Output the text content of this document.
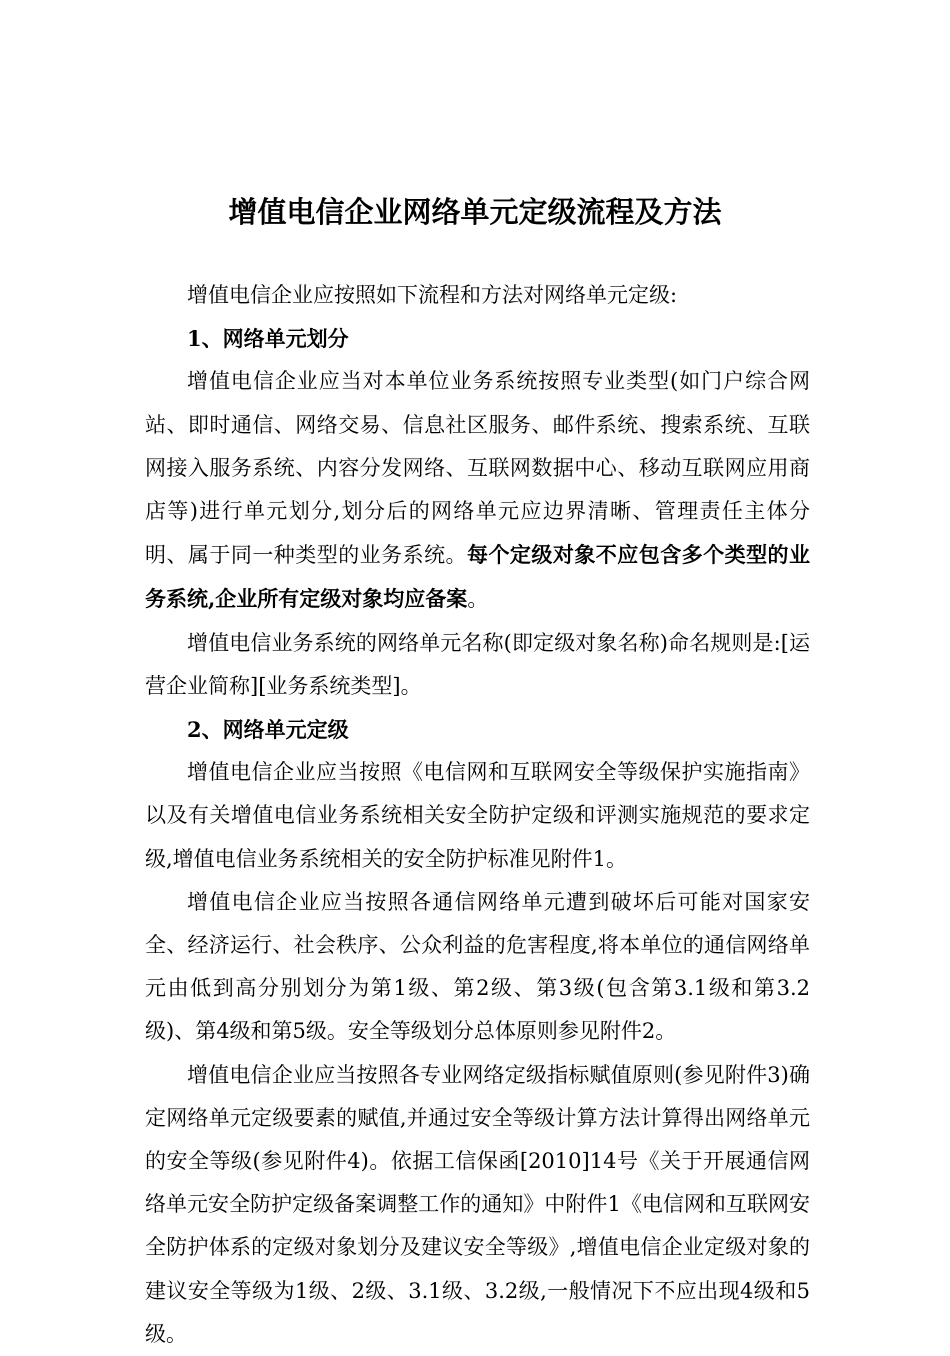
增值电信企业网络单元定级流程及方法

增值电信企业应按照如下流程和方法对网络单元定级:

1、网络单元划分

增值电信企业应当对本单位业务系统按照专业类型(如门户综合网站、即时通信、网络交易、信息社区服务、邮件系统、搜索系统、互联网接入服务系统、内容分发网络、互联网数据中心、移动互联网应用商店等)进行单元划分,划分后的网络单元应边界清晰、管理责任主体分明、属于同一种类型的业务系统。每个定级对象不应包含多个类型的业务系统,企业所有定级对象均应备案。

增值电信业务系统的网络单元名称(即定级对象名称)命名规则是:[运营企业简称][业务系统类型]。

2、网络单元定级

增值电信企业应当按照《电信网和互联网安全等级保护实施指南》以及有关增值电信业务系统相关安全防护定级和评测实施规范的要求定级,增值电信业务系统相关的安全防护标准见附件1。

增值电信企业应当按照各通信网络单元遭到破坏后可能对国家安全、经济运行、社会秩序、公众利益的危害程度,将本单位的通信网络单元由低到高分别划分为第1级、第2级、第3级(包含第3.1级和第3.2级)、第4级和第5级。安全等级划分总体原则参见附件2。

增值电信企业应当按照各专业网络定级指标赋值原则(参见附件3)确定网络单元定级要素的赋值,并通过安全等级计算方法计算得出网络单元的安全等级(参见附件4)。依据工信保函[2010]14号《关于开展通信网络单元安全防护定级备案调整工作的通知》中附件1《电信网和互联网安全防护体系的定级对象划分及建议安全等级》,增值电信企业定级对象的建议安全等级为1级、2级、3.1级、3.2级,一般情况下不应出现4级和5级。
